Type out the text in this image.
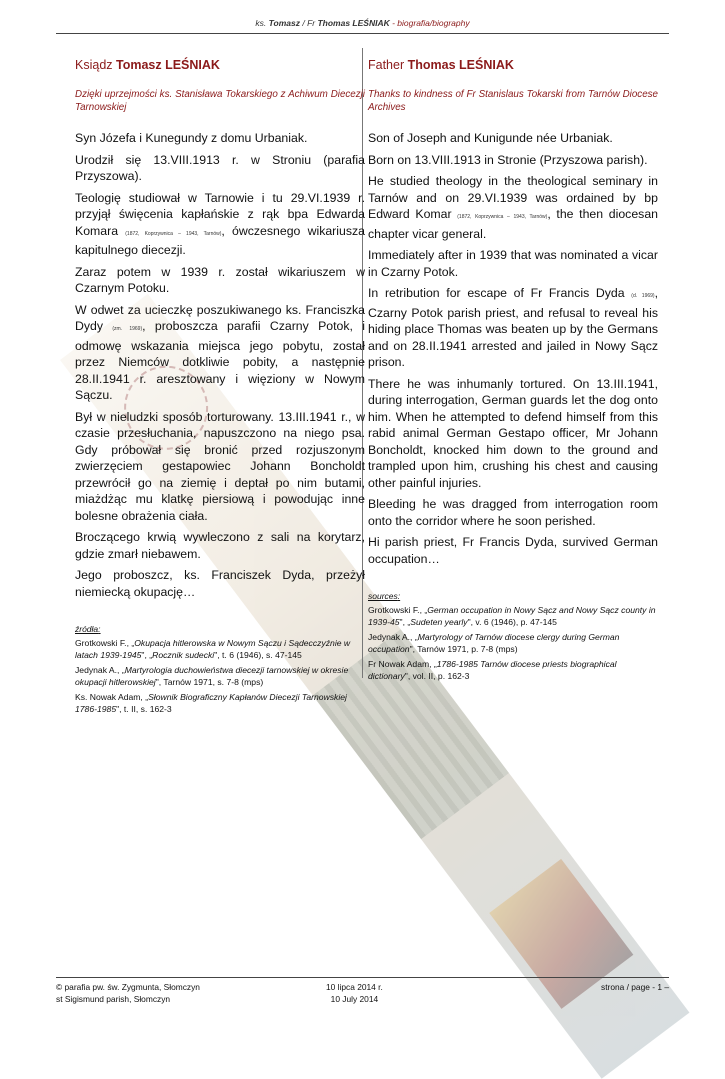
ks. Tomasz / Fr Thomas LEŚNIAK - biografia/biography
Ksiądz Tomasz LEŚNIAK
Dzięki uprzejmości ks. Stanisława Tokarskiego z Achiwum Diecezji Tarnowskiej

Syn Józefa i Kunegundy z domu Urbaniak.

Urodził się 13.VIII.1913 r. w Stroniu (parafia Przyszowa).

Teologię studiował w Tarnowie i tu 29.VI.1939 r. przyjął święcenia kapłańskie z rąk bpa Edwarda Komara (1872, Koprzywnica – 1943, Tarnów), ówczesnego wikariusza kapitulnego diecezji.

Zaraz potem w 1939 r. został wikariuszem w Czarnym Potoku.

W odwet za ucieczkę poszukiwanego ks. Franciszka Dydy (zm. 1969), proboszcza parafii Czarny Potok, i odmowę wskazania miejsca jego pobytu, został przez Niemców dotkliwie pobity, a następnie 28.II.1941 r. aresztowany i więziony w Nowym Sączu.

Był w nieludzki sposób torturowany. 13.III.1941 r., w czasie przesłuchania, napuszczono na niego psa. Gdy próbował się bronić przed rozjuszonym zwierzęciem gestapowiec Johann Boncholdt przewrócił go na ziemię i deptał po nim butami, miażdżąc mu klatkę piersiową i powodując inne bolesne obrażenia ciała.

Broczącego krwią wywleczono z sali na korytarz, gdzie zmarł niebawem.

Jego proboszcz, ks. Franciszek Dyda, przeżył niemiecką okupację…

źródła:

Grotkowski F., „Okupacja hitlerowska w Nowym Sączu i Sądecczyźnie w latach 1939-1945", „Rocznik sudecki", t. 6 (1946), s. 47-145

Jedynak A., „Martyrologia duchowieństwa diecezji tarnowskiej w okresie okupacji hitlerowskiej", Tarnów 1971, s. 7-8 (mps)

Ks. Nowak Adam, „Słownik Biograficzny Kapłanów Diecezji Tarnowskiej 1786-1985", t. II, s. 162-3

Father Thomas LEŚNIAK
Thanks to kindness of Fr Stanislaus Tokarski from Tarnów Diocese Archives

Son of Joseph and Kunigunde née Urbaniak.

Born on 13.VIII.1913 in Stronie (Przyszowa parish).

He studied theology in the theological seminary in Tarnów and on 29.VI.1939 was ordained by bp Edward Komar (1872, Koprzywnica – 1943, Tarnów), the then diocesan chapter vicar general.

Immediately after in 1939 that was nominated a vicar in Czarny Potok.

In retribution for escape of Fr Francis Dyda (d. 1969), Czarny Potok parish priest, and refusal to reveal his hiding place Thomas was beaten up by the Germans and on 28.II.1941 arrested and jailed in Nowy Sącz prison.

There he was inhumanly tortured. On 13.III.1941, during interrogation, German guards let the dog onto him. When he attempted to defend himself from this rabid animal German Gestapo officer, Mr Johann Boncholdt, knocked him down to the ground and trampled upon him, crushing his chest and causing other painful injuries.

Bleeding he was dragged from interrogation room onto the corridor where he soon perished.

Hi parish priest, Fr Francis Dyda, survived German occupation…

sources:

Grotkowski F., „German occupation in Nowy Sącz and Nowy Sącz county in 1939-45", „Sudeten yearly", v. 6 (1946), p. 47-145

Jedynak A., „Martyrology of Tarnów diocese clergy during German occupation", Tarnów 1971, p. 7-8 (mps)

Fr Nowak Adam, „1786-1985 Tarnów diocese priests biographical dictionary", vol. II, p. 162-3

© parafia pw. św. Zygmunta, Słomczyn
st Sigismund parish, Słomczyn
10 lipca 2014 r.
10 July 2014
strona / page - 1 –
